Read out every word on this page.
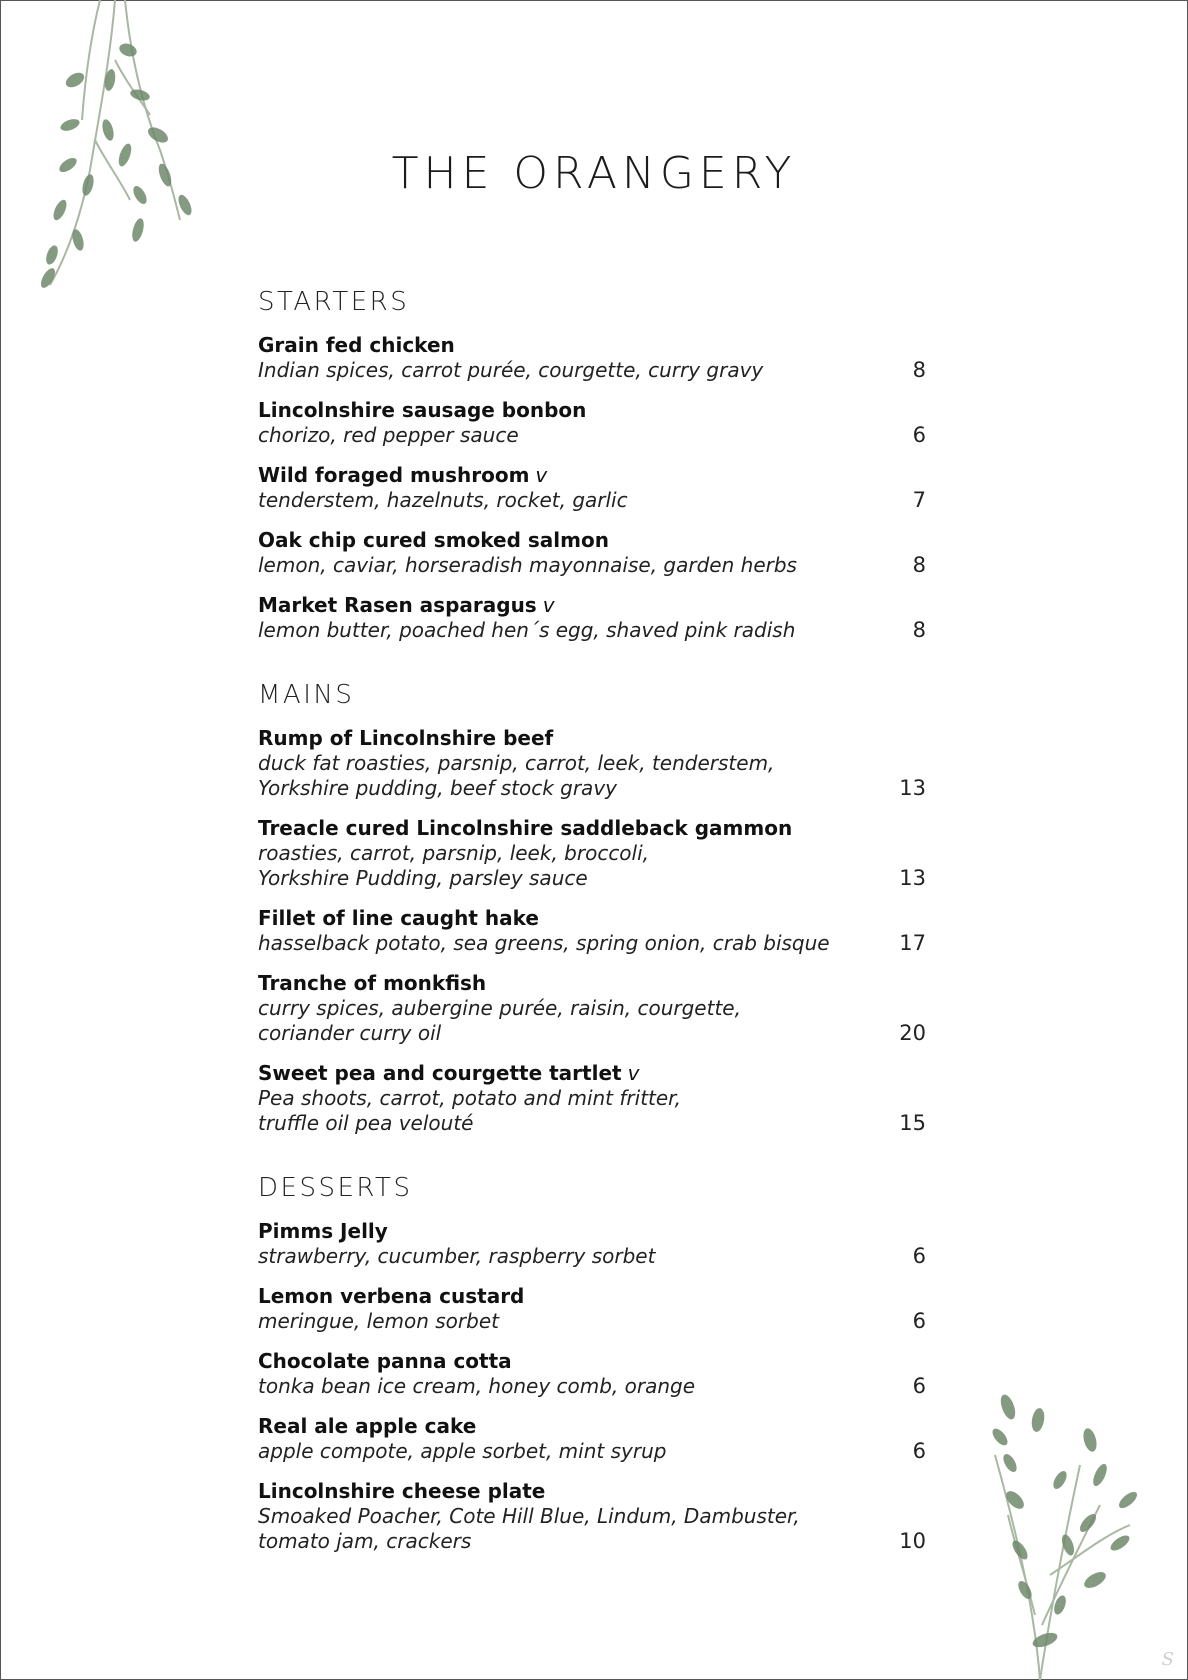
THE ORANGERY
STARTERS
Grain fed chicken
Indian spices, carrot purée, courgette, curry gravy	8
Lincolnshire sausage bonbon
chorizo, red pepper sauce	6
Wild foraged mushroom v
tenderstem, hazelnuts, rocket, garlic	7
Oak chip cured smoked salmon
lemon, caviar, horseradish mayonnaise, garden herbs	8
Market Rasen asparagus v
lemon butter, poached hen´s egg, shaved pink radish	8
MAINS
Rump of Lincolnshire beef
duck fat roasties, parsnip, carrot, leek, tenderstem,
Yorkshire pudding, beef stock gravy	13
Treacle cured Lincolnshire saddleback gammon
roasties, carrot, parsnip, leek, broccoli,
Yorkshire Pudding, parsley sauce	13
Fillet of line caught hake
hasselback potato, sea greens, spring onion, crab bisque	17
Tranche of monkfish
curry spices, aubergine purée, raisin, courgette,
coriander curry oil	20
Sweet pea and courgette tartlet v
Pea shoots, carrot, potato and mint fritter,
truffle oil pea velouté	15
DESSERTS
Pimms Jelly
strawberry, cucumber, raspberry sorbet	6
Lemon verbena custard
meringue, lemon sorbet	6
Chocolate panna cotta
tonka bean ice cream, honey comb, orange	6
Real ale apple cake
apple compote, apple sorbet, mint syrup	6
Lincolnshire cheese plate
Smoaked Poacher, Cote Hill Blue, Lindum, Dambuster,
tomato jam, crackers	10
S
